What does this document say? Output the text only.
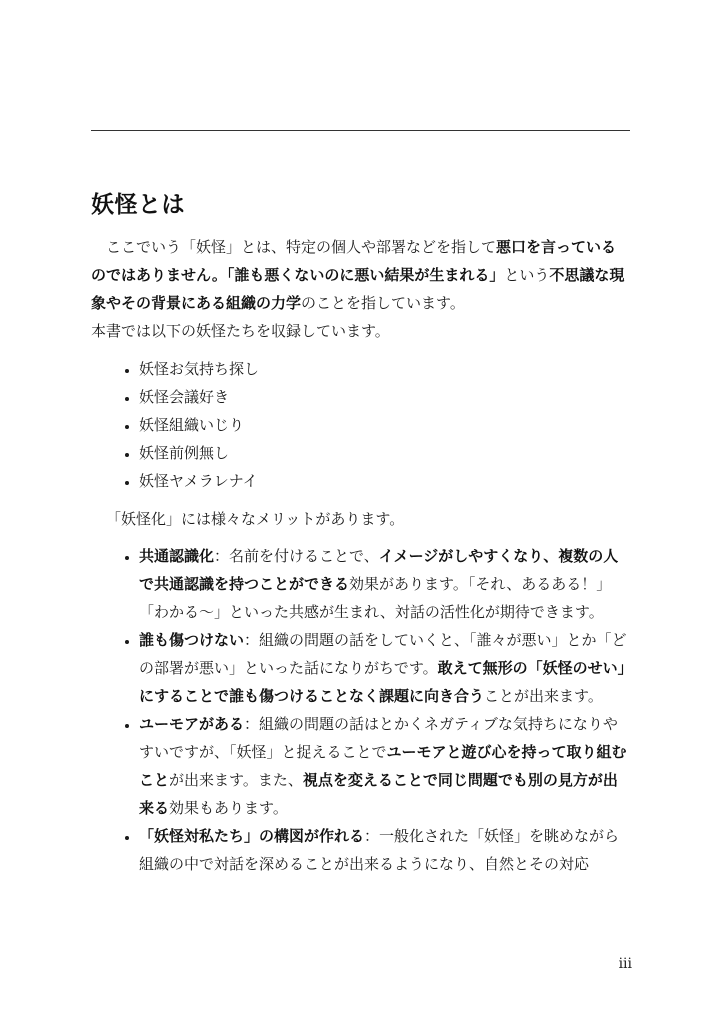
妖怪とは

ここでいう「妖怪」とは、特定の個人や部署などを指して悪口を言っているのではありません。「誰も悪くないのに悪い結果が生まれる」という不思議な現象やその背景にある組織の力学のことを指しています。

本書では以下の妖怪たちを収録しています。

• 妖怪お気持ち探し
• 妖怪会議好き
• 妖怪組織いじり
• 妖怪前例無し
• 妖怪ヤメラレナイ

「妖怪化」には様々なメリットがあります。

• 共通認識化：名前を付けることで、イメージがしやすくなり、複数の人で共通認識を持つことができる効果があります。「それ、あるある！」「わかる～」といった共感が生まれ、対話の活性化が期待できます。
• 誰も傷つけない：組織の問題の話をしていくと、「誰々が悪い」とか「どの部署が悪い」といった話になりがちです。敢えて無形の「妖怪のせい」にすることで誰も傷つけることなく課題に向き合うことが出来ます。
• ユーモアがある：組織の問題の話はとかくネガティブな気持ちになりやすいですが、「妖怪」と捉えることでユーモアと遊び心を持って取り組むことが出来ます。また、視点を変えることで同じ問題でも別の見方が出来る効果もあります。
• 「妖怪対私たち」の構図が作れる：一般化された「妖怪」を眺めながら組織の中で対話を深めることが出来るようになり、自然とその対応
iii
